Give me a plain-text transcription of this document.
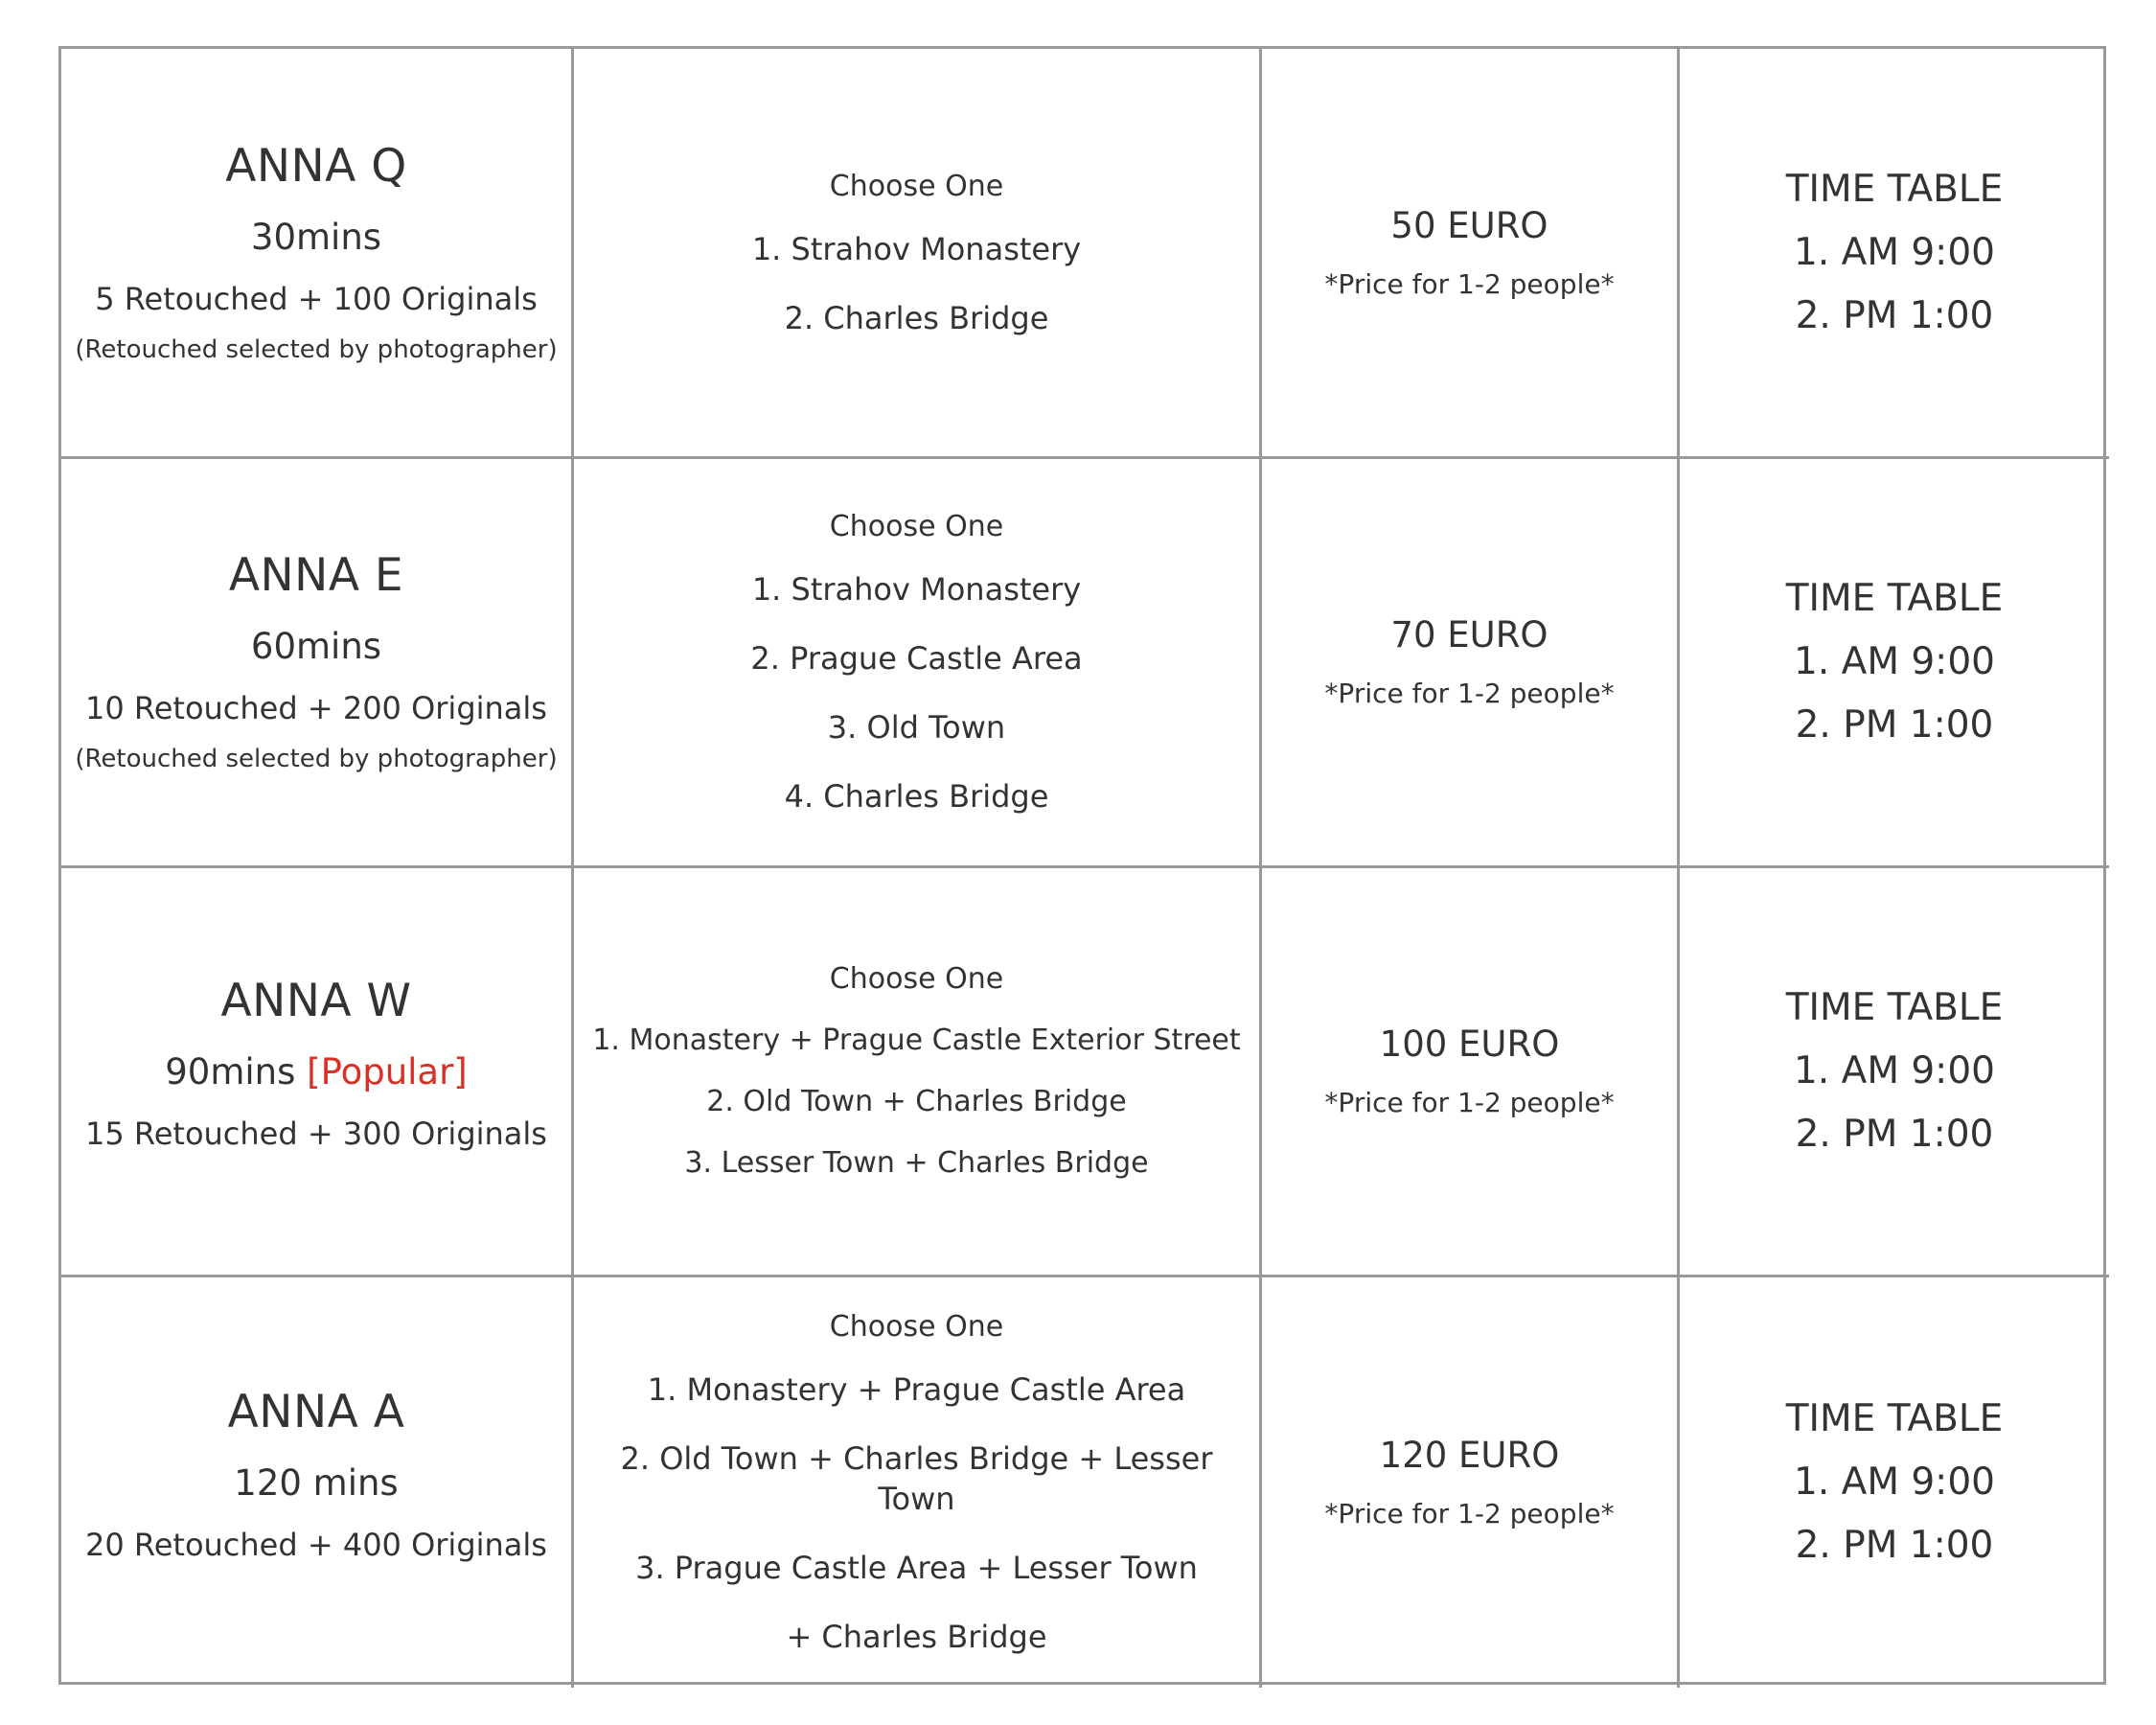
ANNA Q
30mins
5 Retouched + 100 Originals
(Retouched selected by photographer)
Choose One
1. Strahov Monastery
2. Charles Bridge
50 EURO
*Price for 1-2 people*
TIME TABLE
1. AM 9:00
2. PM 1:00
ANNA E
60mins
10 Retouched + 200 Originals
(Retouched selected by photographer)
Choose One
1. Strahov Monastery
2. Prague Castle Area
3. Old Town
4. Charles Bridge
70 EURO
*Price for 1-2 people*
TIME TABLE
1. AM 9:00
2. PM 1:00
ANNA W
90mins [Popular]
15 Retouched + 300 Originals
Choose One
1. Monastery + Prague Castle Exterior Street
2. Old Town + Charles Bridge
3. Lesser Town + Charles Bridge
100 EURO
*Price for 1-2 people*
TIME TABLE
1. AM 9:00
2. PM 1:00
ANNA A
120 mins
20 Retouched + 400 Originals
Choose One
1. Monastery + Prague Castle Area
2. Old Town + Charles Bridge + Lesser Town
3. Prague Castle Area + Lesser Town
+ Charles Bridge
120 EURO
*Price for 1-2 people*
TIME TABLE
1. AM 9:00
2. PM 1:00
